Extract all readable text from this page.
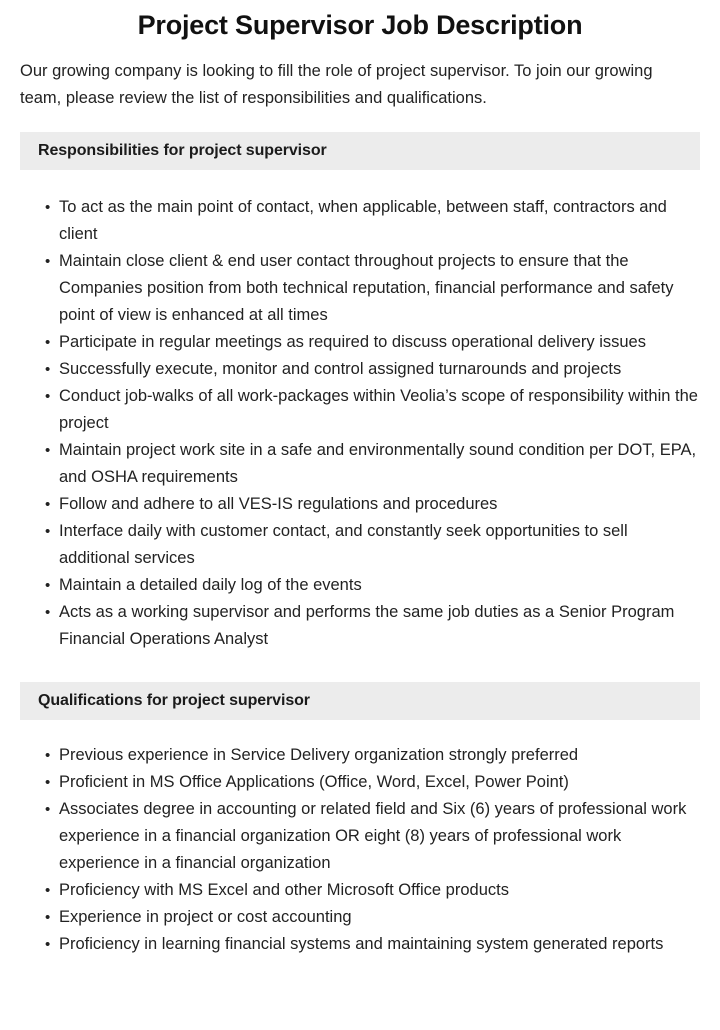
Project Supervisor Job Description

Our growing company is looking to fill the role of project supervisor. To join our growing team, please review the list of responsibilities and qualifications.

Responsibilities for project supervisor
• To act as the main point of contact, when applicable, between staff, contractors and client
• Maintain close client & end user contact throughout projects to ensure that the Companies position from both technical reputation, financial performance and safety point of view is enhanced at all times
• Participate in regular meetings as required to discuss operational delivery issues
• Successfully execute, monitor and control assigned turnarounds and projects
• Conduct job-walks of all work-packages within Veolia’s scope of responsibility within the project
• Maintain project work site in a safe and environmentally sound condition per DOT, EPA, and OSHA requirements
• Follow and adhere to all VES-IS regulations and procedures
• Interface daily with customer contact, and constantly seek opportunities to sell additional services
• Maintain a detailed daily log of the events
• Acts as a working supervisor and performs the same job duties as a Senior Program Financial Operations Analyst
Qualifications for project supervisor
• Previous experience in Service Delivery organization strongly preferred
• Proficient in MS Office Applications (Office, Word, Excel, Power Point)
• Associates degree in accounting or related field and Six (6) years of professional work experience in a financial organization OR eight (8) years of professional work experience in a financial organization
• Proficiency with MS Excel and other Microsoft Office products
• Experience in project or cost accounting
• Proficiency in learning financial systems and maintaining system generated reports
